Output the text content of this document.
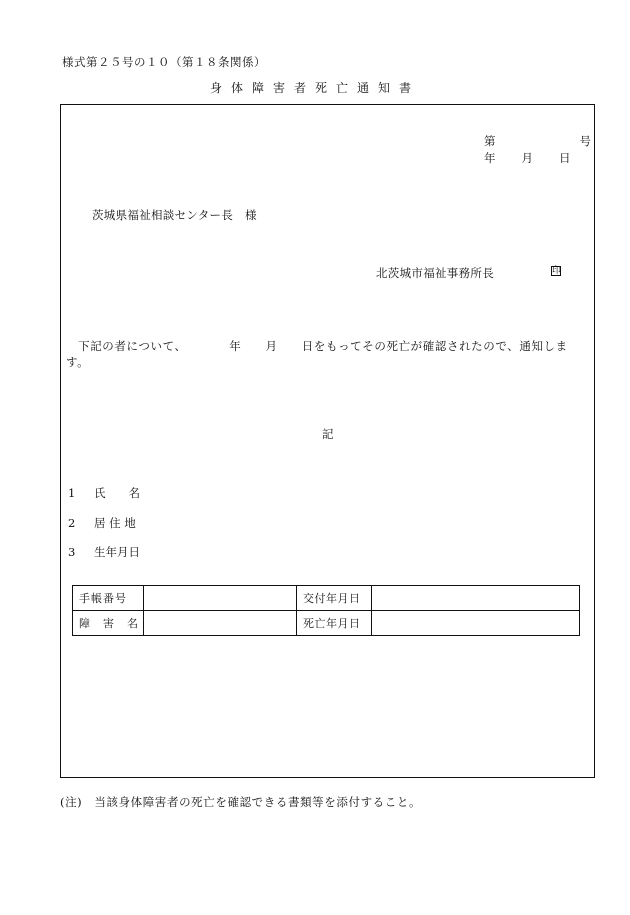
様式第２５号の１０（第１８条関係）
身体障害者死亡通知書
第	号
年 月 日
茨城県福祉相談センター長　様
北茨城市福祉事務所長	印
　下記の者について、　　　　年　　月　　日をもってその死亡が確認されたので、通知します。
記
1 氏　　名
2 居 住 地
3 生年月日
手帳番号		交付年月日	
障　害　名		死亡年月日	
(注)　当該身体障害者の死亡を確認できる書類等を添付すること。
